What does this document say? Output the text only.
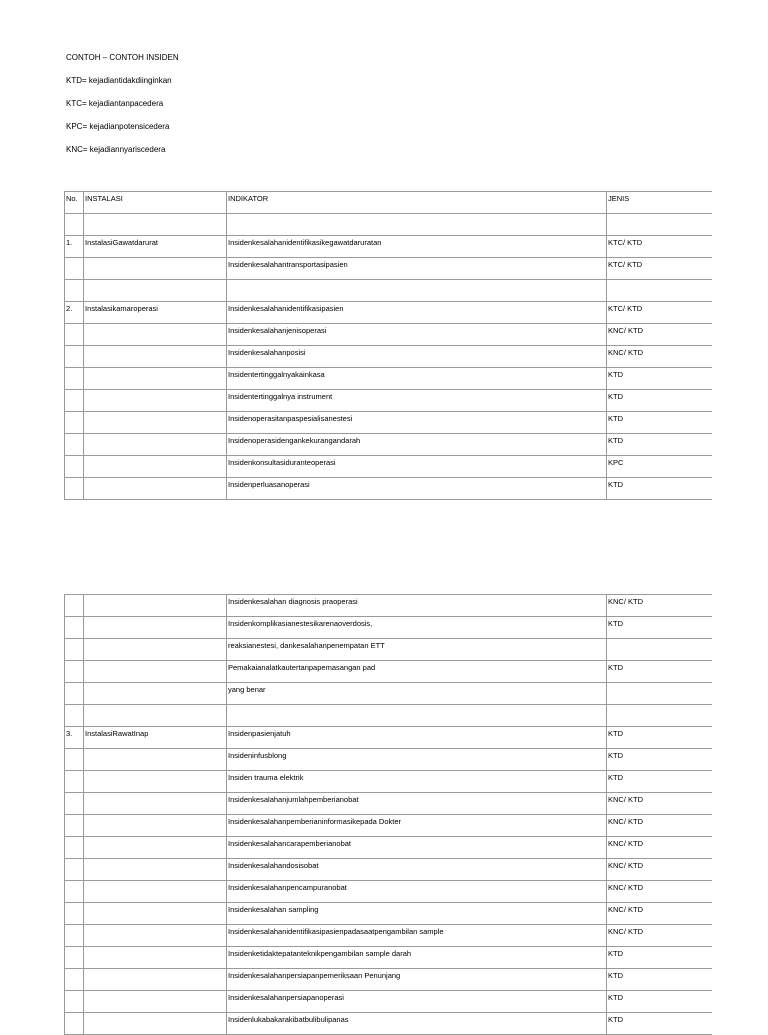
CONTOH – CONTOH INSIDEN
KTD= kejadiantidakdiinginkan
KTC= kejadiantanpacedera
KPC= kejadianpotensicedera
KNC= kejadiannyariscedera
No.	INSTALASI	INDIKATOR	JENIS

1.	InstalasiGawatdarurat	Insidenkesalahanidentifikasikegawatdaruratan	KTC/ KTD

		Insidenkesalahantransportasipasien	KTC/ KTD

2.	Instalasikamaroperasi	Insidenkesalahanidentifikasipasien	KTC/ KTD

		Insidenkesalahanjenisoperasi	KNC/ KTD

		Insidenkesalahanposisi	KNC/ KTD

		Insidentertinggalnyakainkasa	KTD

		Insidentertinggalnya instrument	KTD

		Insidenoperasitanpaspesialisanestesi	KTD

		Insidenoperasidengankekurangandarah	KTD

		Insidenkonsultasiduranteoperasi	KPC

		Insidenperluasanoperasi	KTD

		Insidenkesalahan diagnosis praoperasi	KNC/ KTD

		Insidenkomplikasianestesikarenaoverdosis,	KTD

		reaksianestesi, dankesalahanpenempatan ETT	

		Pemakaianalatkautertanpapemasangan pad	KTD

		yang benar	

3.	InstalasiRawatInap	Insidenpasienjatuh	KTD

		Insideninfusblong	KTD

		Insiden trauma elektrik	KTD

		Insidenkesalahanjumlahpemberianobat	KNC/ KTD

		Insidenkesalahanpemberianinformasikepada Dokter	KNC/ KTD

		Insidenkesalahancarapemberianobat	KNC/ KTD

		Insidenkesalahandosisobat	KNC/ KTD

		Insidenkesalahanpencampuranobat	KNC/ KTD

		Insidenkesalahan sampling	KNC/ KTD

		Insidenkesalahanidentifikasipasienpadasaatpengambilan sample	KNC/ KTD

		Insidenketidaktepatanteknikpengambilan sample darah	KTD

		Insidenkesalahanpersiapanpemeriksaan Penunjang	KTD

		Insidenkesalahanpersiapanoperasi	KTD

		Insidenlukabakarakibatbulibulipanas	KTD
